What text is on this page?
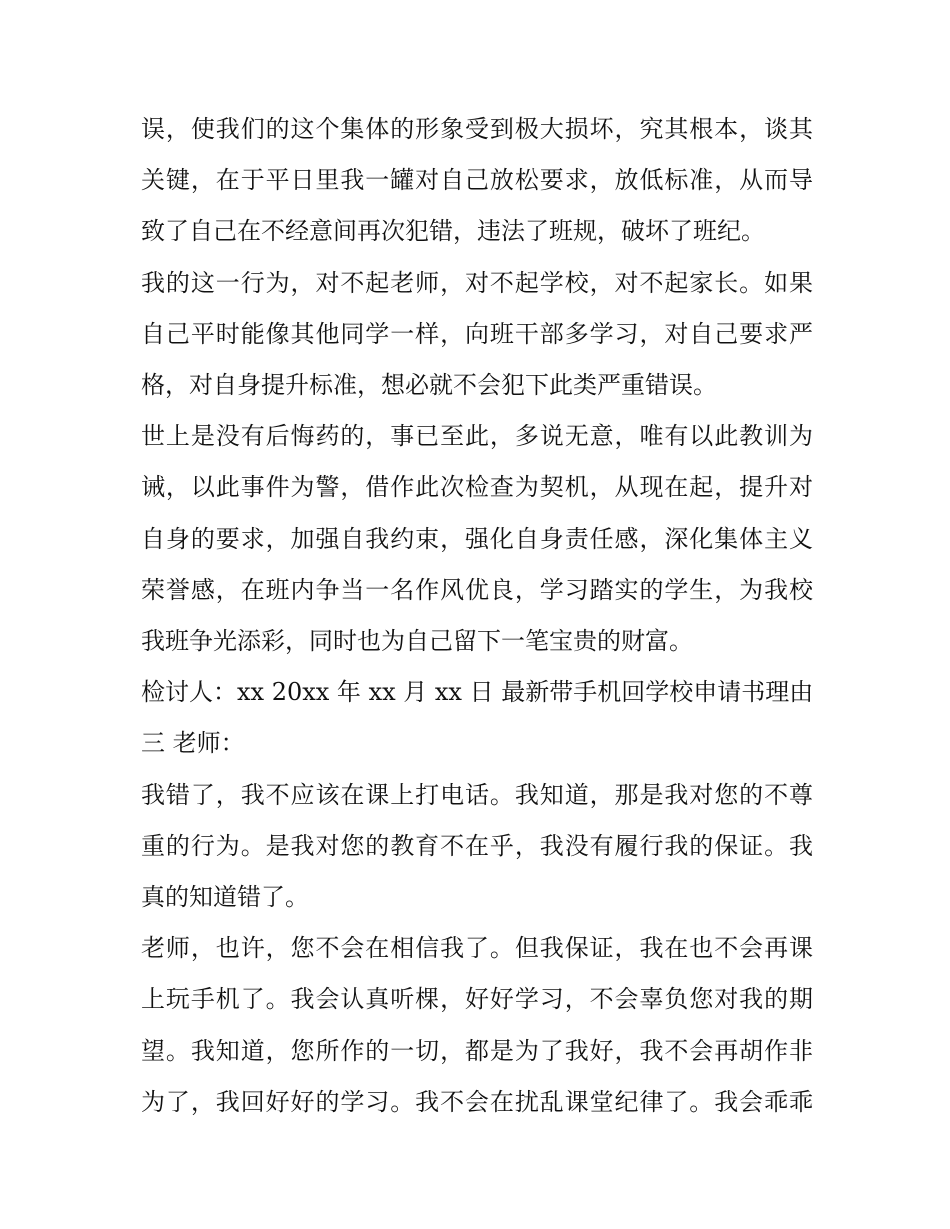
误，使我们的这个集体的形象受到极大损坏，究其根本，谈其
关键，在于平日里我一罐对自己放松要求，放低标准，从而导
致了自己在不经意间再次犯错，违法了班规，破坏了班纪。
我的这一行为，对不起老师，对不起学校，对不起家长。如果
自己平时能像其他同学一样，向班干部多学习，对自己要求严
格，对自身提升标准，想必就不会犯下此类严重错误。
世上是没有后悔药的，事已至此，多说无意，唯有以此教训为
诫，以此事件为警，借作此次检查为契机，从现在起，提升对
自身的要求，加强自我约束，强化自身责任感，深化集体主义
荣誉感，在班内争当一名作风优良，学习踏实的学生，为我校
我班争光添彩，同时也为自己留下一笔宝贵的财富。
检讨人：xx 20xx 年 xx 月 xx 日 最新带手机回学校申请书理由
三 老师：
我错了，我不应该在课上打电话。我知道，那是我对您的不尊
重的行为。是我对您的教育不在乎，我没有履行我的保证。我
真的知道错了。
老师，也许，您不会在相信我了。但我保证，我在也不会再课
上玩手机了。我会认真听棵，好好学习，不会辜负您对我的期
望。我知道，您所作的一切，都是为了我好，我不会再胡作非
为了，我回好好的学习。我不会在扰乱课堂纪律了。我会乖乖
